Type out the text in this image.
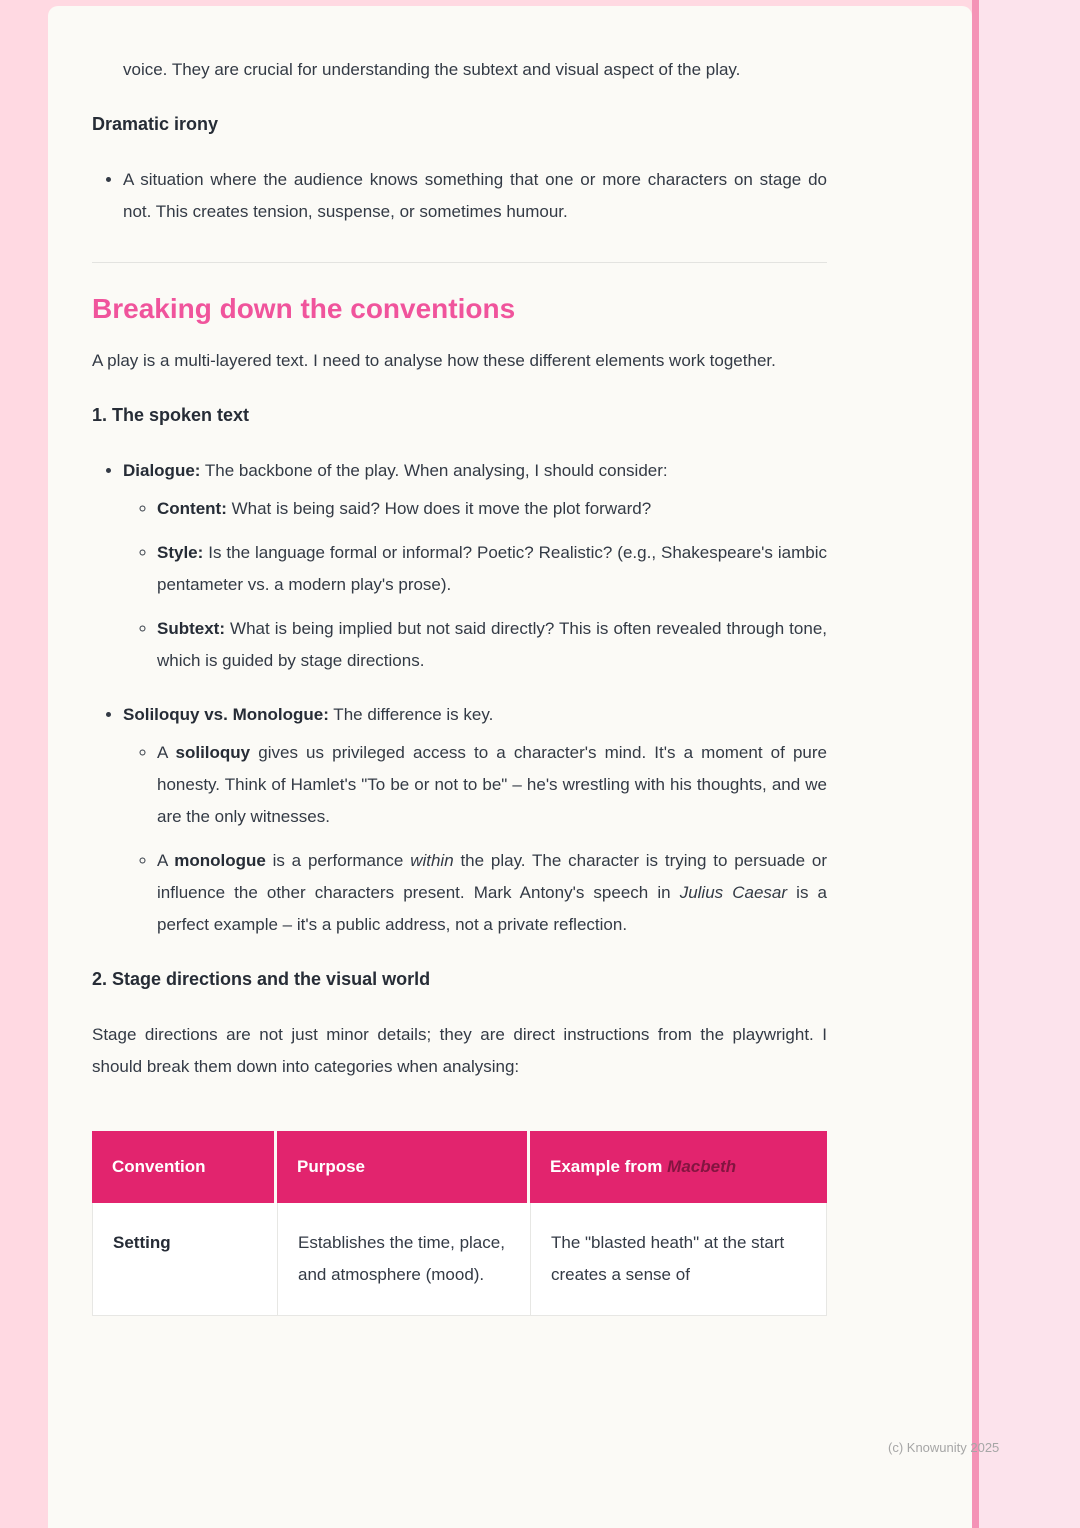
voice. They are crucial for understanding the subtext and visual aspect of the play.

Dramatic irony
• A situation where the audience knows something that one or more characters on stage do not. This creates tension, suspense, or sometimes humour.
Breaking down the conventions

A play is a multi-layered text. I need to analyse how these different elements work together.

1. The spoken text
• Dialogue: The backbone of the play. When analysing, I should consider:
◦ Content: What is being said? How does it move the plot forward?
◦ Style: Is the language formal or informal? Poetic? Realistic? (e.g., Shakespeare's iambic pentameter vs. a modern play's prose).
◦ Subtext: What is being implied but not said directly? This is often revealed through tone, which is guided by stage directions.
• Soliloquy vs. Monologue: The difference is key.
◦ A soliloquy gives us privileged access to a character's mind. It's a moment of pure honesty. Think of Hamlet's "To be or not to be" – he's wrestling with his thoughts, and we are the only witnesses.
◦ A monologue is a performance within the play. The character is trying to persuade or influence the other characters present. Mark Antony's speech in Julius Caesar is a perfect example – it's a public address, not a private reflection.
2. Stage directions and the visual world

Stage directions are not just minor details; they are direct instructions from the playwright. I should break them down into categories when analysing:

Convention	Purpose	Example from Macbeth
Setting	Establishes the time, place, and atmosphere (mood).	The "blasted heath" at the start creates a sense of
(c) Knowunity 2025
